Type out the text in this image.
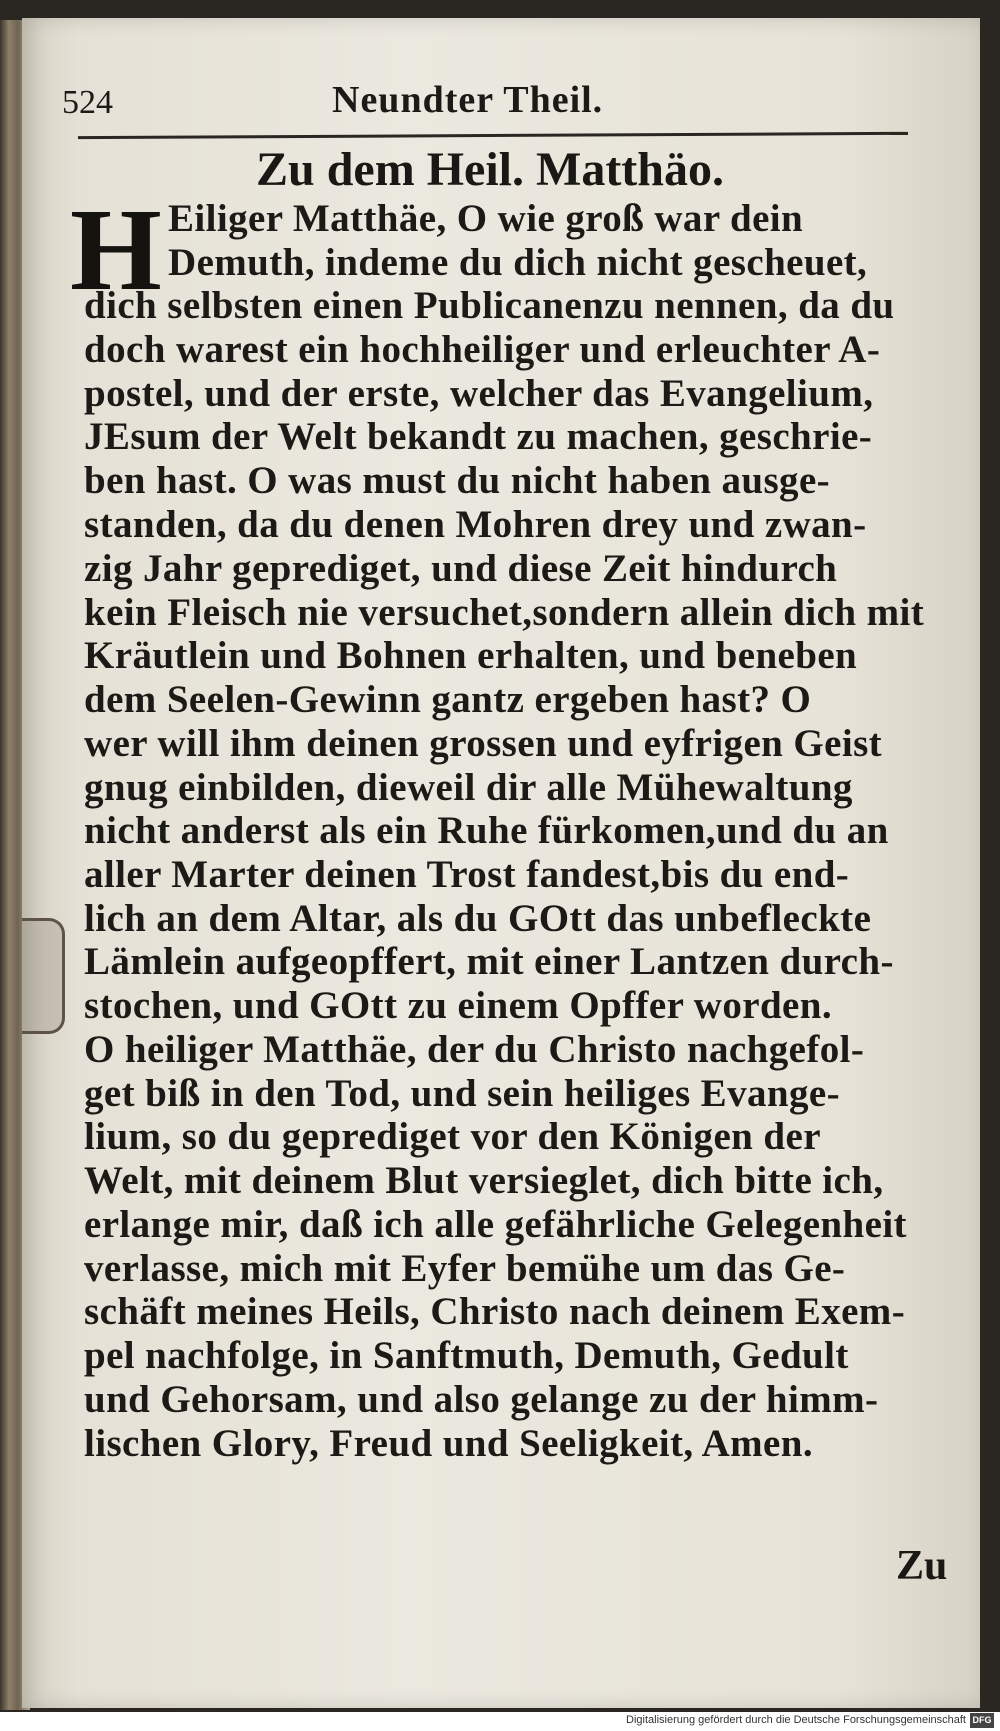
524	Neundter Theil.
Zu dem Heil. Matthäo.
H Eiliger Matthäe, O wie groß war dein
Demuth, indeme du dich nicht gescheuet,
dich selbsten einen Publicanenzu nennen, da du
doch warest ein hochheiliger und erleuchter A-
postel, und der erste, welcher das Evangelium,
JEsum der Welt bekandt zu machen, geschrie-
ben hast. O was must du nicht haben ausge-
standen, da du denen Mohren drey und zwan-
zig Jahr geprediget, und diese Zeit hindurch
kein Fleisch nie versuchet,sondern allein dich mit
Kräutlein und Bohnen erhalten, und beneben
dem Seelen-Gewinn gantz ergeben hast? O
wer will ihm deinen grossen und eyfrigen Geist
gnug einbilden, dieweil dir alle Mühewaltung
nicht anderst als ein Ruhe fürkomen,und du an
aller Marter deinen Trost fandest,bis du end-
lich an dem Altar, als du GOtt das unbefleckte
Lämlein aufgeopffert, mit einer Lantzen durch-
stochen, und GOtt zu einem Opffer worden.
O heiliger Matthäe, der du Christo nachgefol-
get biß in den Tod, und sein heiliges Evange-
lium, so du geprediget vor den Königen der
Welt, mit deinem Blut versieglet, dich bitte ich,
erlange mir, daß ich alle gefährliche Gelegenheit
verlasse, mich mit Eyfer bemühe um das Ge-
schäft meines Heils, Christo nach deinem Exem-
pel nachfolge, in Sanftmuth, Demuth, Gedult
und Gehorsam, und also gelange zu der himm-
lischen Glory, Freud und Seeligkeit, Amen.
Zu
Digitalisierung gefördert durch die Deutsche Forschungsgemeinschaft DFG
